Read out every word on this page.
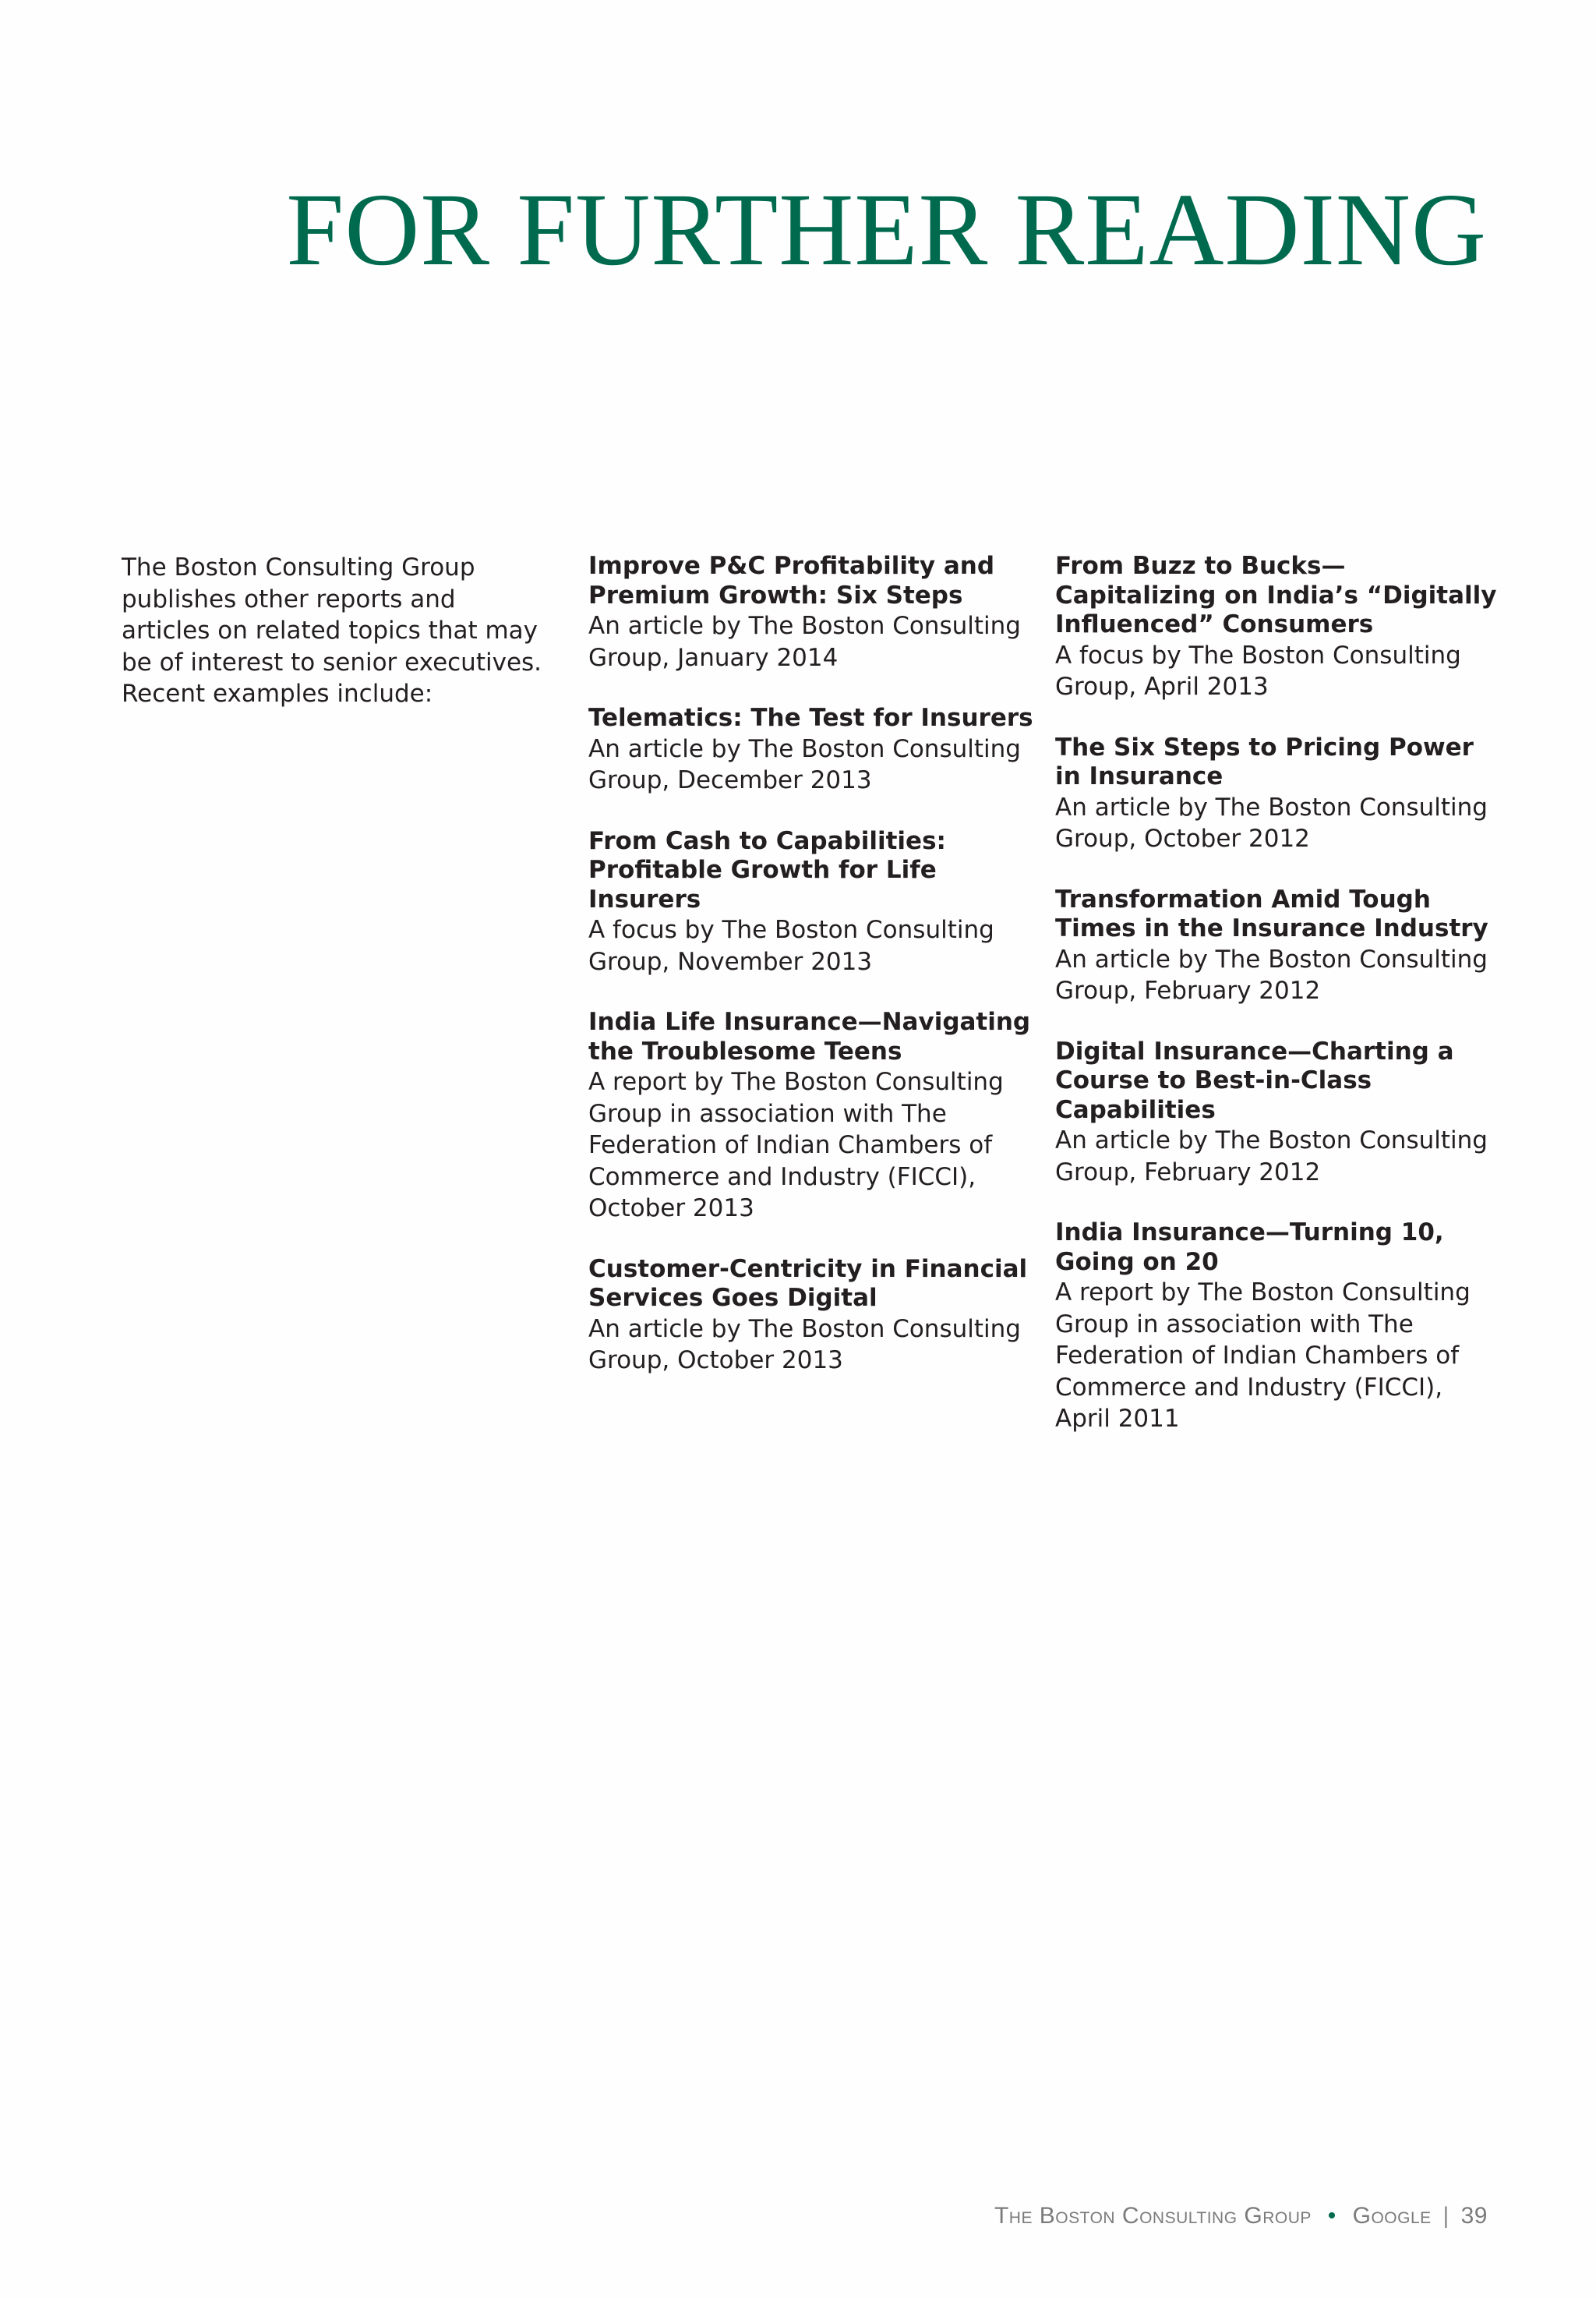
FOR FURTHER READING

The Boston Consulting Group publishes other reports and articles on related topics that may be of interest to senior executives. Recent examples include:

Improve P&C Profitability and Premium Growth: Six Steps
An article by The Boston Consulting Group, January 2014
Telematics: The Test for Insurers
An article by The Boston Consulting Group, December 2013
From Cash to Capabilities: Profitable Growth for Life Insurers
A focus by The Boston Consulting Group, November 2013
India Life Insurance—Navigating the Troublesome Teens
A report by The Boston Consulting Group in association with The Federation of Indian Chambers of Commerce and Industry (FICCI), October 2013
Customer-Centricity in Financial Services Goes Digital
An article by The Boston Consulting Group, October 2013
From Buzz to Bucks—Capitalizing on India’s “Digitally Influenced” Consumers
A focus by The Boston Consulting Group, April 2013
The Six Steps to Pricing Power in Insurance
An article by The Boston Consulting Group, October 2012
Transformation Amid Tough Times in the Insurance Industry
An article by The Boston Consulting Group, February 2012
Digital Insurance—Charting a Course to Best-in-Class Capabilities
An article by The Boston Consulting Group, February 2012
India Insurance—Turning 10, Going on 20
A report by The Boston Consulting Group in association with The Federation of Indian Chambers of Commerce and Industry (FICCI), April 2011
The Boston Consulting Group • Google | 39
